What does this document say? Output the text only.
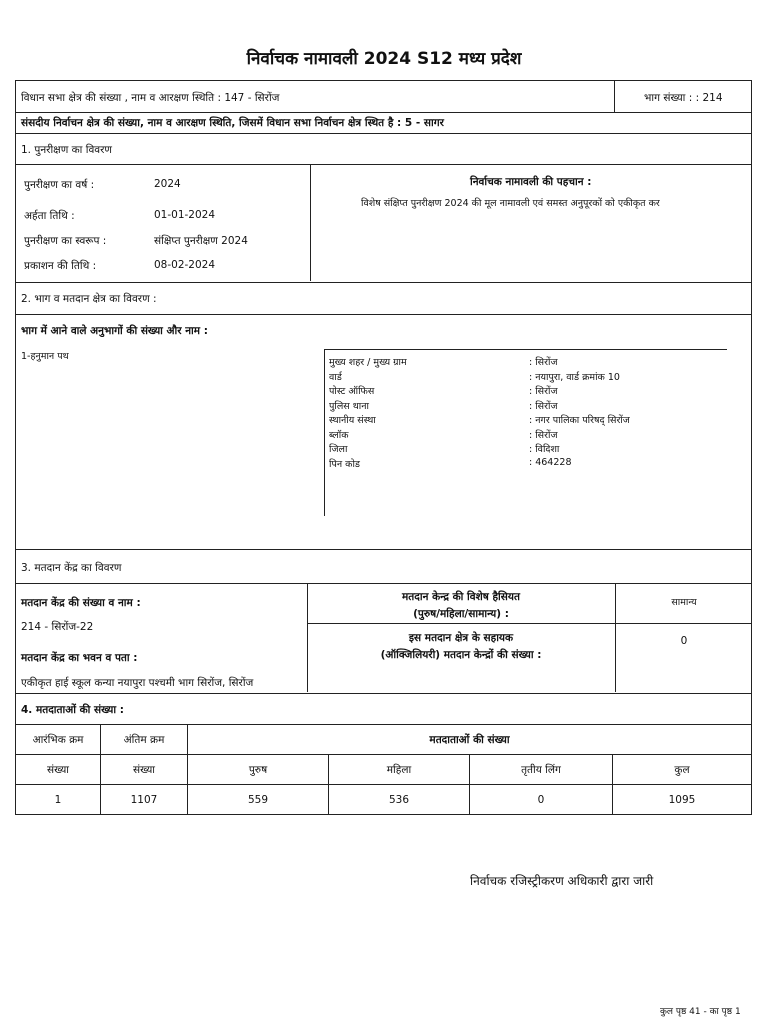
निर्वाचक नामावली 2024 S12 मध्य प्रदेश
विधान सभा क्षेत्र की संख्या , नाम व आरक्षण स्थिति : 147 - सिरोंज	भाग संख्या : : 214
संसदीय निर्वाचन क्षेत्र की संख्या, नाम व आरक्षण स्थिति, जिसमें विधान सभा निर्वाचन क्षेत्र स्थित है : 5 - सागर
1. पुनरीक्षण का विवरण
पुनरीक्षण का वर्ष :	2024
अर्हता तिथि :	01-01-2024
पुनरीक्षण का स्वरूप :	संक्षिप्त पुनरीक्षण 2024
प्रकाशन की तिथि :	08-02-2024
निर्वाचक नामावली की पहचान :
विशेष संक्षिप्त पुनरीक्षण 2024 की मूल नामावली एवं समस्त अनुपूरकों को एकीकृत कर
2. भाग व मतदान क्षेत्र का विवरण :
भाग में आने वाले अनुभागों की संख्या और नाम :
1-हनुमान पथ
मुख्य शहर / मुख्य ग्राम	: सिरोंज
वार्ड	: नयापुरा, वार्ड क्रमांक 10
पोस्ट ऑफिस	: सिरोंज
पुलिस थाना	: सिरोंज
स्थानीय संस्था	: नगर पालिका परिषद् सिरोंज
ब्लॉक	: सिरोंज
जिला	: विदिशा
पिन कोड	: 464228
3. मतदान केंद्र का विवरण
मतदान केंद्र की संख्या व नाम :
214 - सिरोंज-22
मतदान केंद्र का भवन व पता :
एकीकृत हाई स्कूल कन्या नयापुरा पश्चमी भाग सिरोंज, सिरोंज
मतदान केन्द्र की विशेष हैसियत
(पुरुष/महिला/सामान्य) :
सामान्य
इस मतदान क्षेत्र के सहायक
(ऑक्जिलियरी) मतदान केन्द्रों की संख्या :
0
4. मतदाताओं की संख्या :
आरंभिक क्रम	अंतिम क्रम	मतदाताओं की संख्या			
संख्या	संख्या	पुरुष	महिला	तृतीय लिंग	कुल
1	1107	559	536	0	1095
निर्वाचक रजिस्ट्रीकरण अधिकारी द्वारा जारी
कुल पृष्ठ 41 - का पृष्ठ 1
